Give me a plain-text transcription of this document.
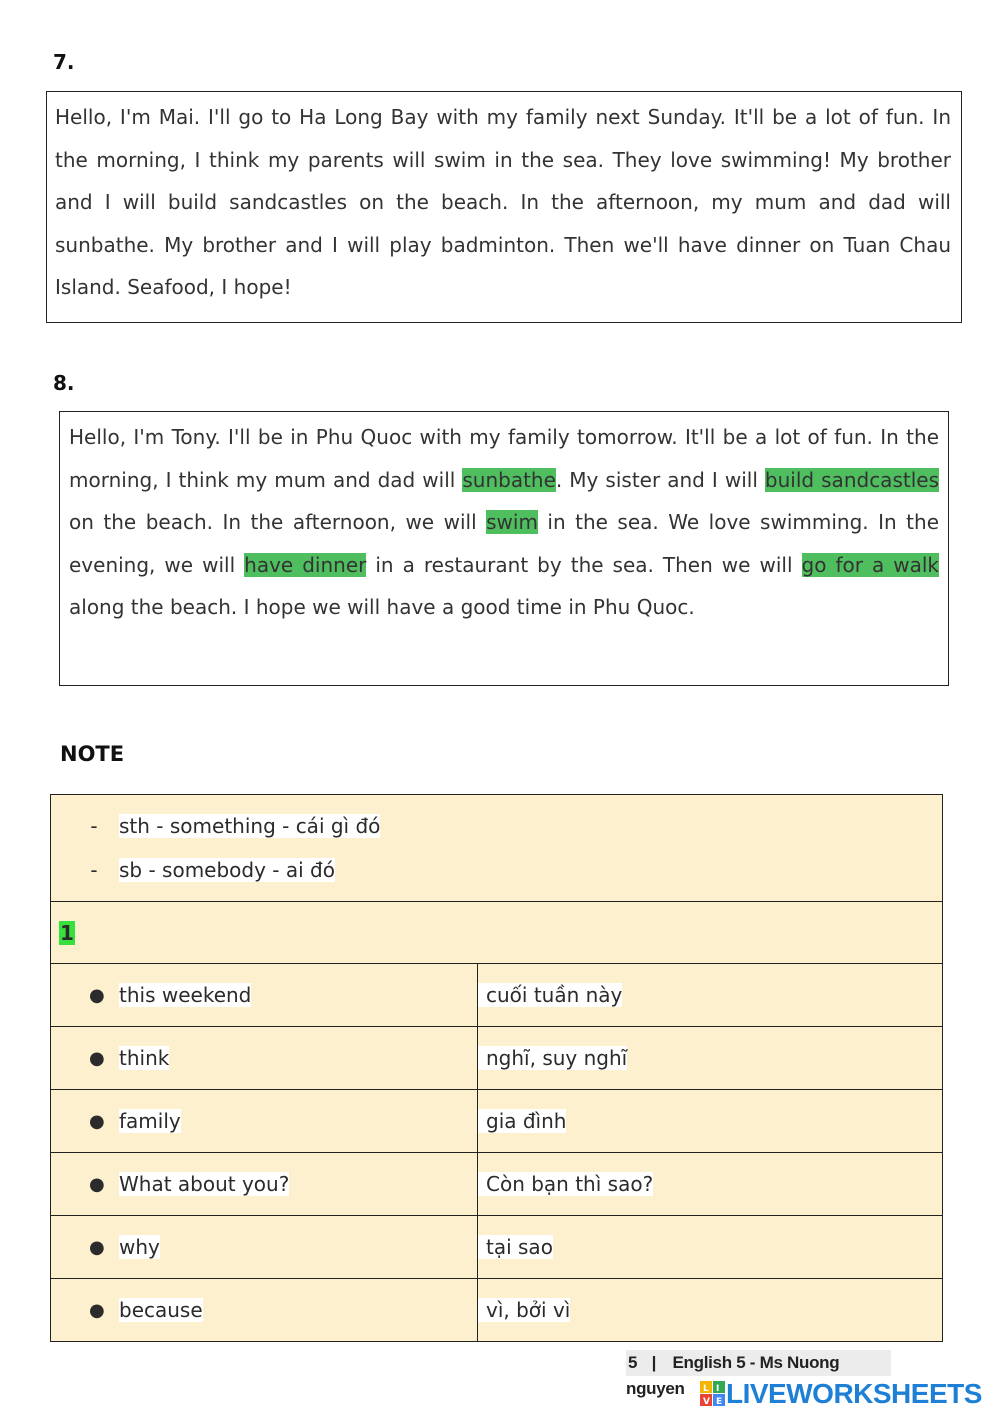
7.
Hello, I'm Mai. I'll go to Ha Long Bay with my family next Sunday. It'll be a lot of fun. In the morning, I think my parents will swim in the sea. They love swimming! My brother and I will build sandcastles on the beach. In the afternoon, my mum and dad will sunbathe. My brother and I will play badminton. Then we'll have dinner on Tuan Chau Island. Seafood, I hope!
8.
Hello, I'm Tony. I'll be in Phu Quoc with my family tomorrow. It'll be a lot of fun. In the morning, I think my mum and dad will sunbathe. My sister and I will build sandcastles on the beach. In the afternoon, we will swim in the sea. We love swimming. In the evening, we will have dinner in a restaurant by the sea. Then we will go for a walk along the beach. I hope we will have a good time in Phu Quoc.
NOTE
- sth - something - cái gì đó
- sb - somebody - ai đó	

1	

● this weekend	cuối tuần này

● think	nghĩ, suy nghĩ

● family	gia đình

● What about you?	Còn bạn thì sao?

● why	tại sao

● because	vì, bởi vì
5 | English 5 - Ms Nuong nguyen	L I
V E LIVEWORKSHEETS
